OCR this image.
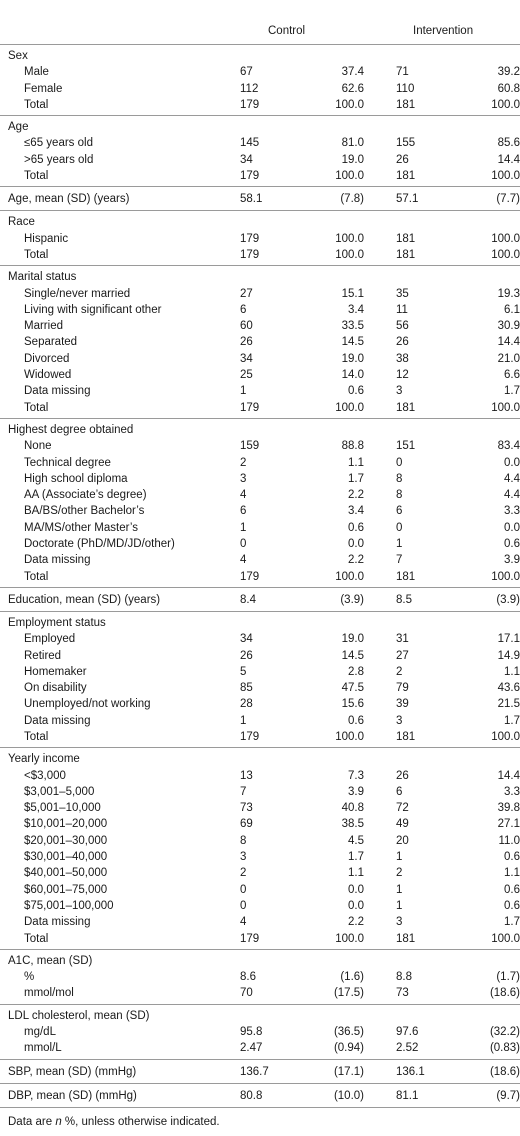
Control	Intervention
Sex
Male	67	37.4	71	39.2
Female	112	62.6	110	60.8
Total	179	100.0	181	100.0
Age
≤65 years old	145	81.0	155	85.6
>65 years old	34	19.0	26	14.4
Total	179	100.0	181	100.0
Age, mean (SD) (years)	58.1	(7.8)	57.1	(7.7)
Race
Hispanic	179	100.0	181	100.0
Total	179	100.0	181	100.0
Marital status
Single/never married	27	15.1	35	19.3
Living with significant other	6	3.4	11	6.1
Married	60	33.5	56	30.9
Separated	26	14.5	26	14.4
Divorced	34	19.0	38	21.0
Widowed	25	14.0	12	6.6
Data missing	1	0.6	3	1.7
Total	179	100.0	181	100.0
Highest degree obtained
None	159	88.8	151	83.4
Technical degree	2	1.1	0	0.0
High school diploma	3	1.7	8	4.4
AA (Associate’s degree)	4	2.2	8	4.4
BA/BS/other Bachelor’s	6	3.4	6	3.3
MA/MS/other Master’s	1	0.6	0	0.0
Doctorate (PhD/MD/JD/other)	0	0.0	1	0.6
Data missing	4	2.2	7	3.9
Total	179	100.0	181	100.0
Education, mean (SD) (years)	8.4	(3.9)	8.5	(3.9)
Employment status
Employed	34	19.0	31	17.1
Retired	26	14.5	27	14.9
Homemaker	5	2.8	2	1.1
On disability	85	47.5	79	43.6
Unemployed/not working	28	15.6	39	21.5
Data missing	1	0.6	3	1.7
Total	179	100.0	181	100.0
Yearly income
<$3,000	13	7.3	26	14.4
$3,001–5,000	7	3.9	6	3.3
$5,001–10,000	73	40.8	72	39.8
$10,001–20,000	69	38.5	49	27.1
$20,001–30,000	8	4.5	20	11.0
$30,001–40,000	3	1.7	1	0.6
$40,001–50,000	2	1.1	2	1.1
$60,001–75,000	0	0.0	1	0.6
$75,001–100,000	0	0.0	1	0.6
Data missing	4	2.2	3	1.7
Total	179	100.0	181	100.0
A1C, mean (SD)
%	8.6	(1.6)	8.8	(1.7)
mmol/mol	70	(17.5)	73	(18.6)
LDL cholesterol, mean (SD)
mg/dL	95.8	(36.5)	97.6	(32.2)
mmol/L	2.47	(0.94)	2.52	(0.83)
SBP, mean (SD) (mmHg)	136.7	(17.1)	136.1	(18.6)
DBP, mean (SD) (mmHg)	80.8	(10.0)	81.1	(9.7)
Data are n %, unless otherwise indicated.
